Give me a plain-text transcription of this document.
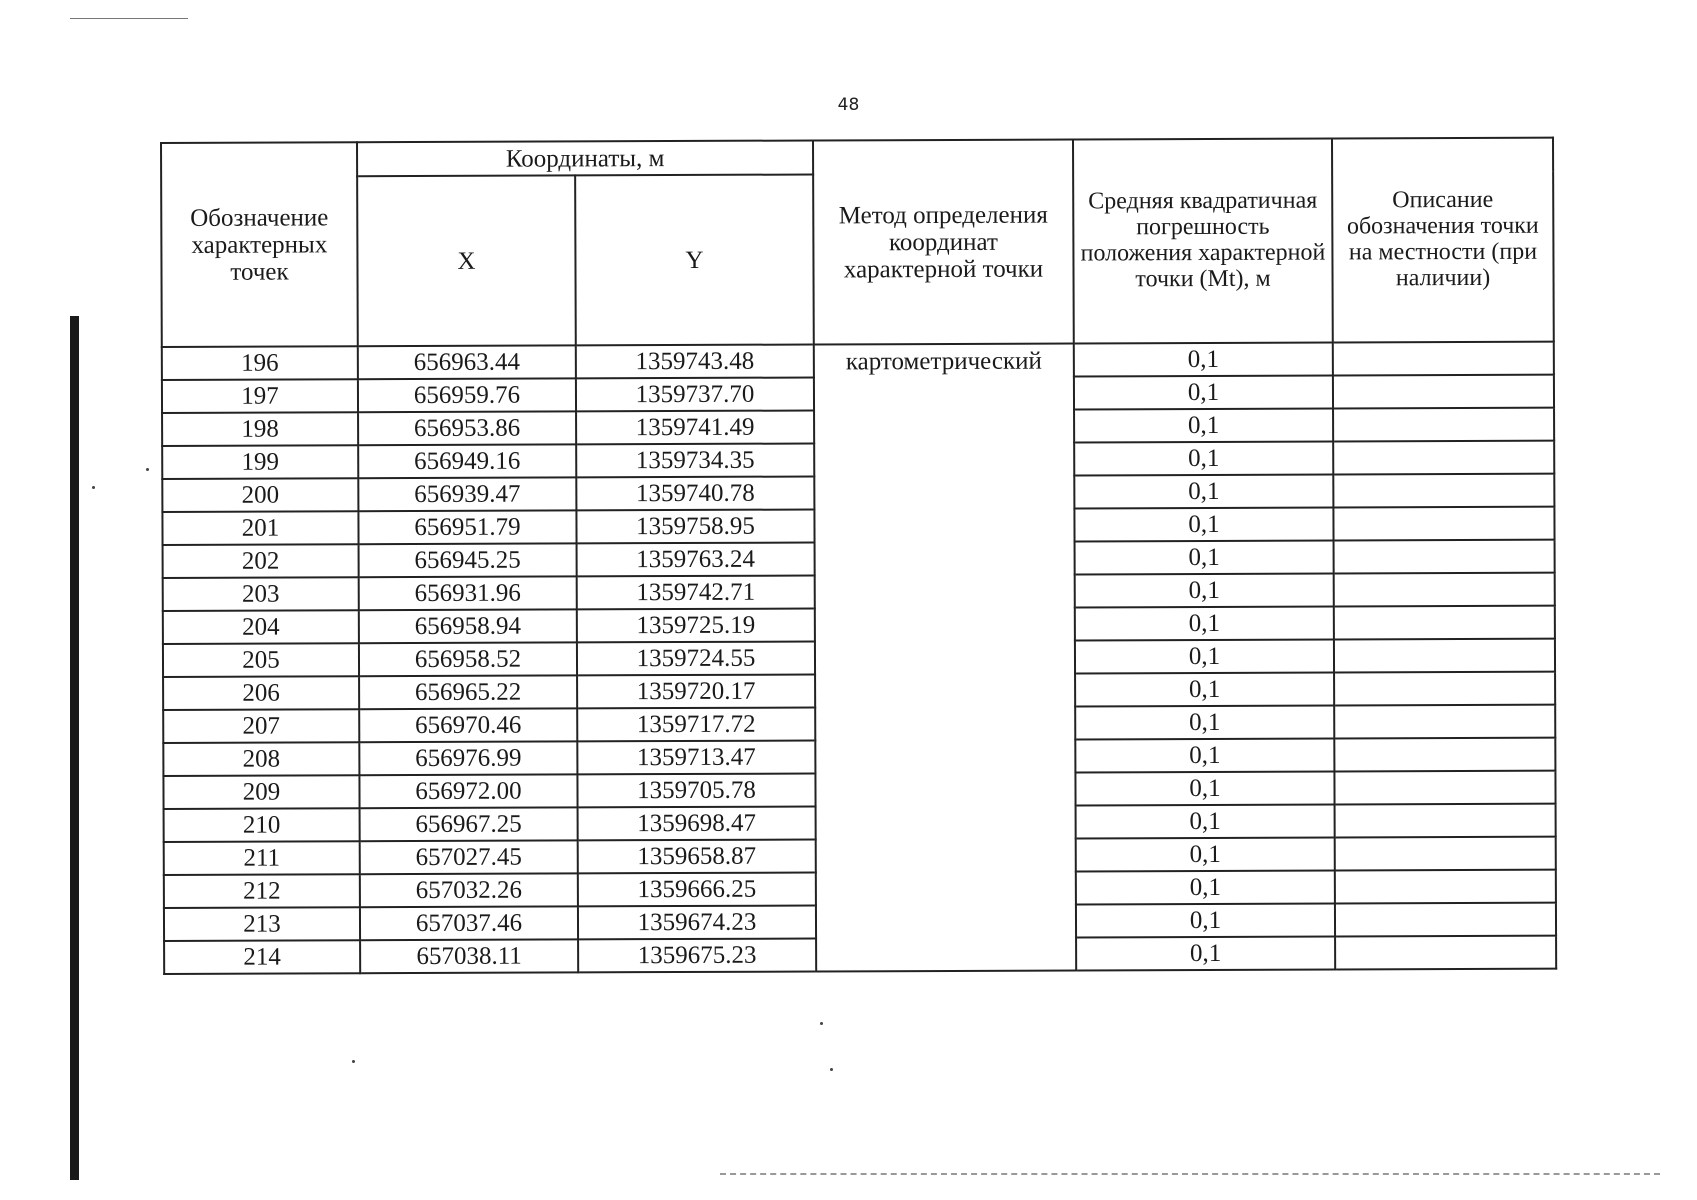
48
Обозначение характерных точек	Координаты, м		Метод определения координат характерной точки	Средняя квадратичная погрешность положения характерной точки (Mt), м	Описание обозначения точки на местности (при наличии)
	X	Y			
196	656963.44	1359743.48	картометрический	0,1	
197	656959.76	1359737.70		0,1	
198	656953.86	1359741.49		0,1	
199	656949.16	1359734.35		0,1	
200	656939.47	1359740.78		0,1	
201	656951.79	1359758.95		0,1	
202	656945.25	1359763.24		0,1	
203	656931.96	1359742.71		0,1	
204	656958.94	1359725.19		0,1	
205	656958.52	1359724.55		0,1	
206	656965.22	1359720.17		0,1	
207	656970.46	1359717.72		0,1	
208	656976.99	1359713.47		0,1	
209	656972.00	1359705.78		0,1	
210	656967.25	1359698.47		0,1	
211	657027.45	1359658.87		0,1	
212	657032.26	1359666.25		0,1	
213	657037.46	1359674.23		0,1	
214	657038.11	1359675.23		0,1	
